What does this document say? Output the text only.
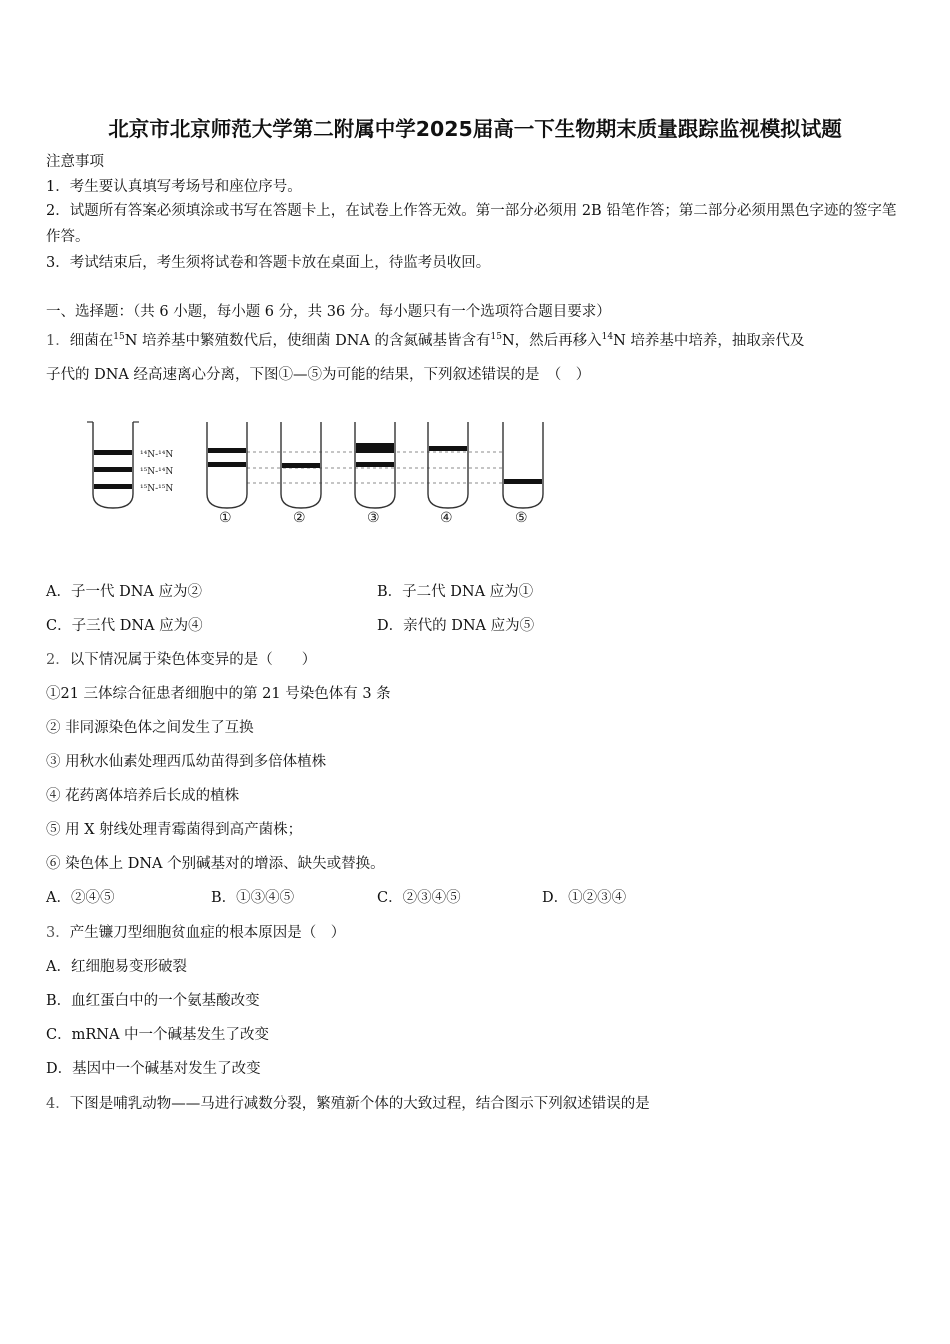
北京市北京师范大学第二附属中学2025届高一下生物期末质量跟踪监视模拟试题
注意事项
1．考生要认真填写考场号和座位序号。
2．试题所有答案必须填涂或书写在答题卡上，在试卷上作答无效。第一部分必须用 2B 铅笔作答；第二部分必须用黑色字迹的签字笔作答。
3．考试结束后，考生须将试卷和答题卡放在桌面上，待监考员收回。
一、选择题：（共 6 小题，每小题 6 分，共 36 分。每小题只有一个选项符合题目要求）
1．细菌在$^{15}$N 培养基中繁殖数代后，使细菌 DNA 的含氮碱基皆含有$^{15}$N，然后再移入$^{14}$N 培养基中培养，抽取亲代及
子代的 DNA 经高速离心分离，下图①—⑤为可能的结果，下列叙述错误的是　（　）
¹⁴N-¹⁴N
¹⁵N-¹⁴N
¹⁵N-¹⁵N
①	②	③	④	⑤
A．子一代 DNA 应为②	B．子二代 DNA 应为①
C．子三代 DNA 应为④	D．亲代的 DNA 应为⑤
2．以下情况属于染色体变异的是（　　）
①21 三体综合征患者细胞中的第 21 号染色体有 3 条
② 非同源染色体之间发生了互换
③ 用秋水仙素处理西瓜幼苗得到多倍体植株
④ 花药离体培养后长成的植株
⑤ 用 X 射线处理青霉菌得到高产菌株；
⑥ 染色体上 DNA 个别碱基对的增添、缺失或替换。
A．②④⑤	B．①③④⑤	C．②③④⑤	D．①②③④
3．产生镰刀型细胞贫血症的根本原因是（　）
A．红细胞易变形破裂
B．血红蛋白中的一个氨基酸改变
C．mRNA 中一个碱基发生了改变
D．基因中一个碱基对发生了改变
4．下图是哺乳动物——马进行减数分裂，繁殖新个体的大致过程，结合图示下列叙述错误的是
